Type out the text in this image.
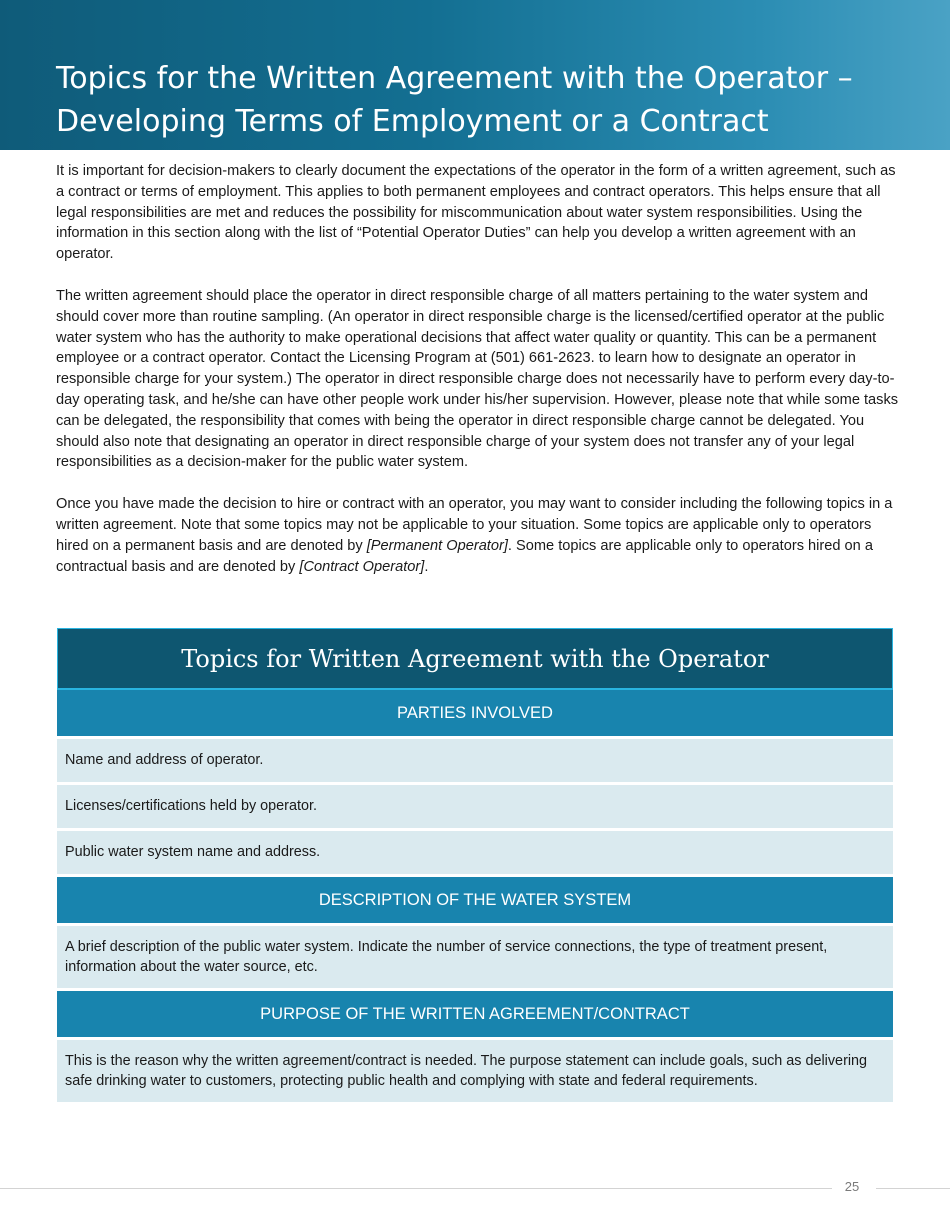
Topics for the Written Agreement with the Operator –
Developing Terms of Employment or a Contract

It is important for decision-makers to clearly document the expectations of the operator in the form of a written agreement, such as a contract or terms of employment. This applies to both permanent employees and contract operators. This helps ensure that all legal responsibilities are met and reduces the possibility for miscommunication about water system responsibilities. Using the information in this section along with the list of “Potential Operator Duties” can help you develop a written agreement with an operator.

The written agreement should place the operator in direct responsible charge of all matters pertaining to the water system and should cover more than routine sampling. (An operator in direct responsible charge is the licensed/certified operator at the public water system who has the authority to make operational decisions that affect water quality or quantity. This can be a permanent employee or a contract operator. Contact the Licensing Program at (501) 661-2623. to learn how to designate an operator in responsible charge for your system.) The operator in direct responsible charge does not necessarily have to perform every day-to-day operating task, and he/she can have other people work under his/her supervision. However, please note that while some tasks can be delegated, the responsibility that comes with being the operator in direct responsible charge cannot be delegated. You should also note that designating an operator in direct responsible charge of your system does not transfer any of your legal responsibilities as a decision-maker for the public water system.

Once you have made the decision to hire or contract with an operator, you may want to consider including the following topics in a written agreement. Note that some topics may not be applicable to your situation. Some topics are applicable only to operators hired on a permanent basis and are denoted by [Permanent Operator]. Some topics are applicable only to operators hired on a contractual basis and are denoted by [Contract Operator].

Topics for Written Agreement with the Operator
PARTIES INVOLVED
Name and address of operator.
Licenses/certifications held by operator.
Public water system name and address.
DESCRIPTION OF THE WATER SYSTEM
A brief description of the public water system. Indicate the number of service connections, the type of treatment present, information about the water source, etc.
PURPOSE OF THE WRITTEN AGREEMENT/CONTRACT
This is the reason why the written agreement/contract is needed. The purpose statement can include goals, such as delivering safe drinking water to customers, protecting public health and complying with state and federal requirements.
25
